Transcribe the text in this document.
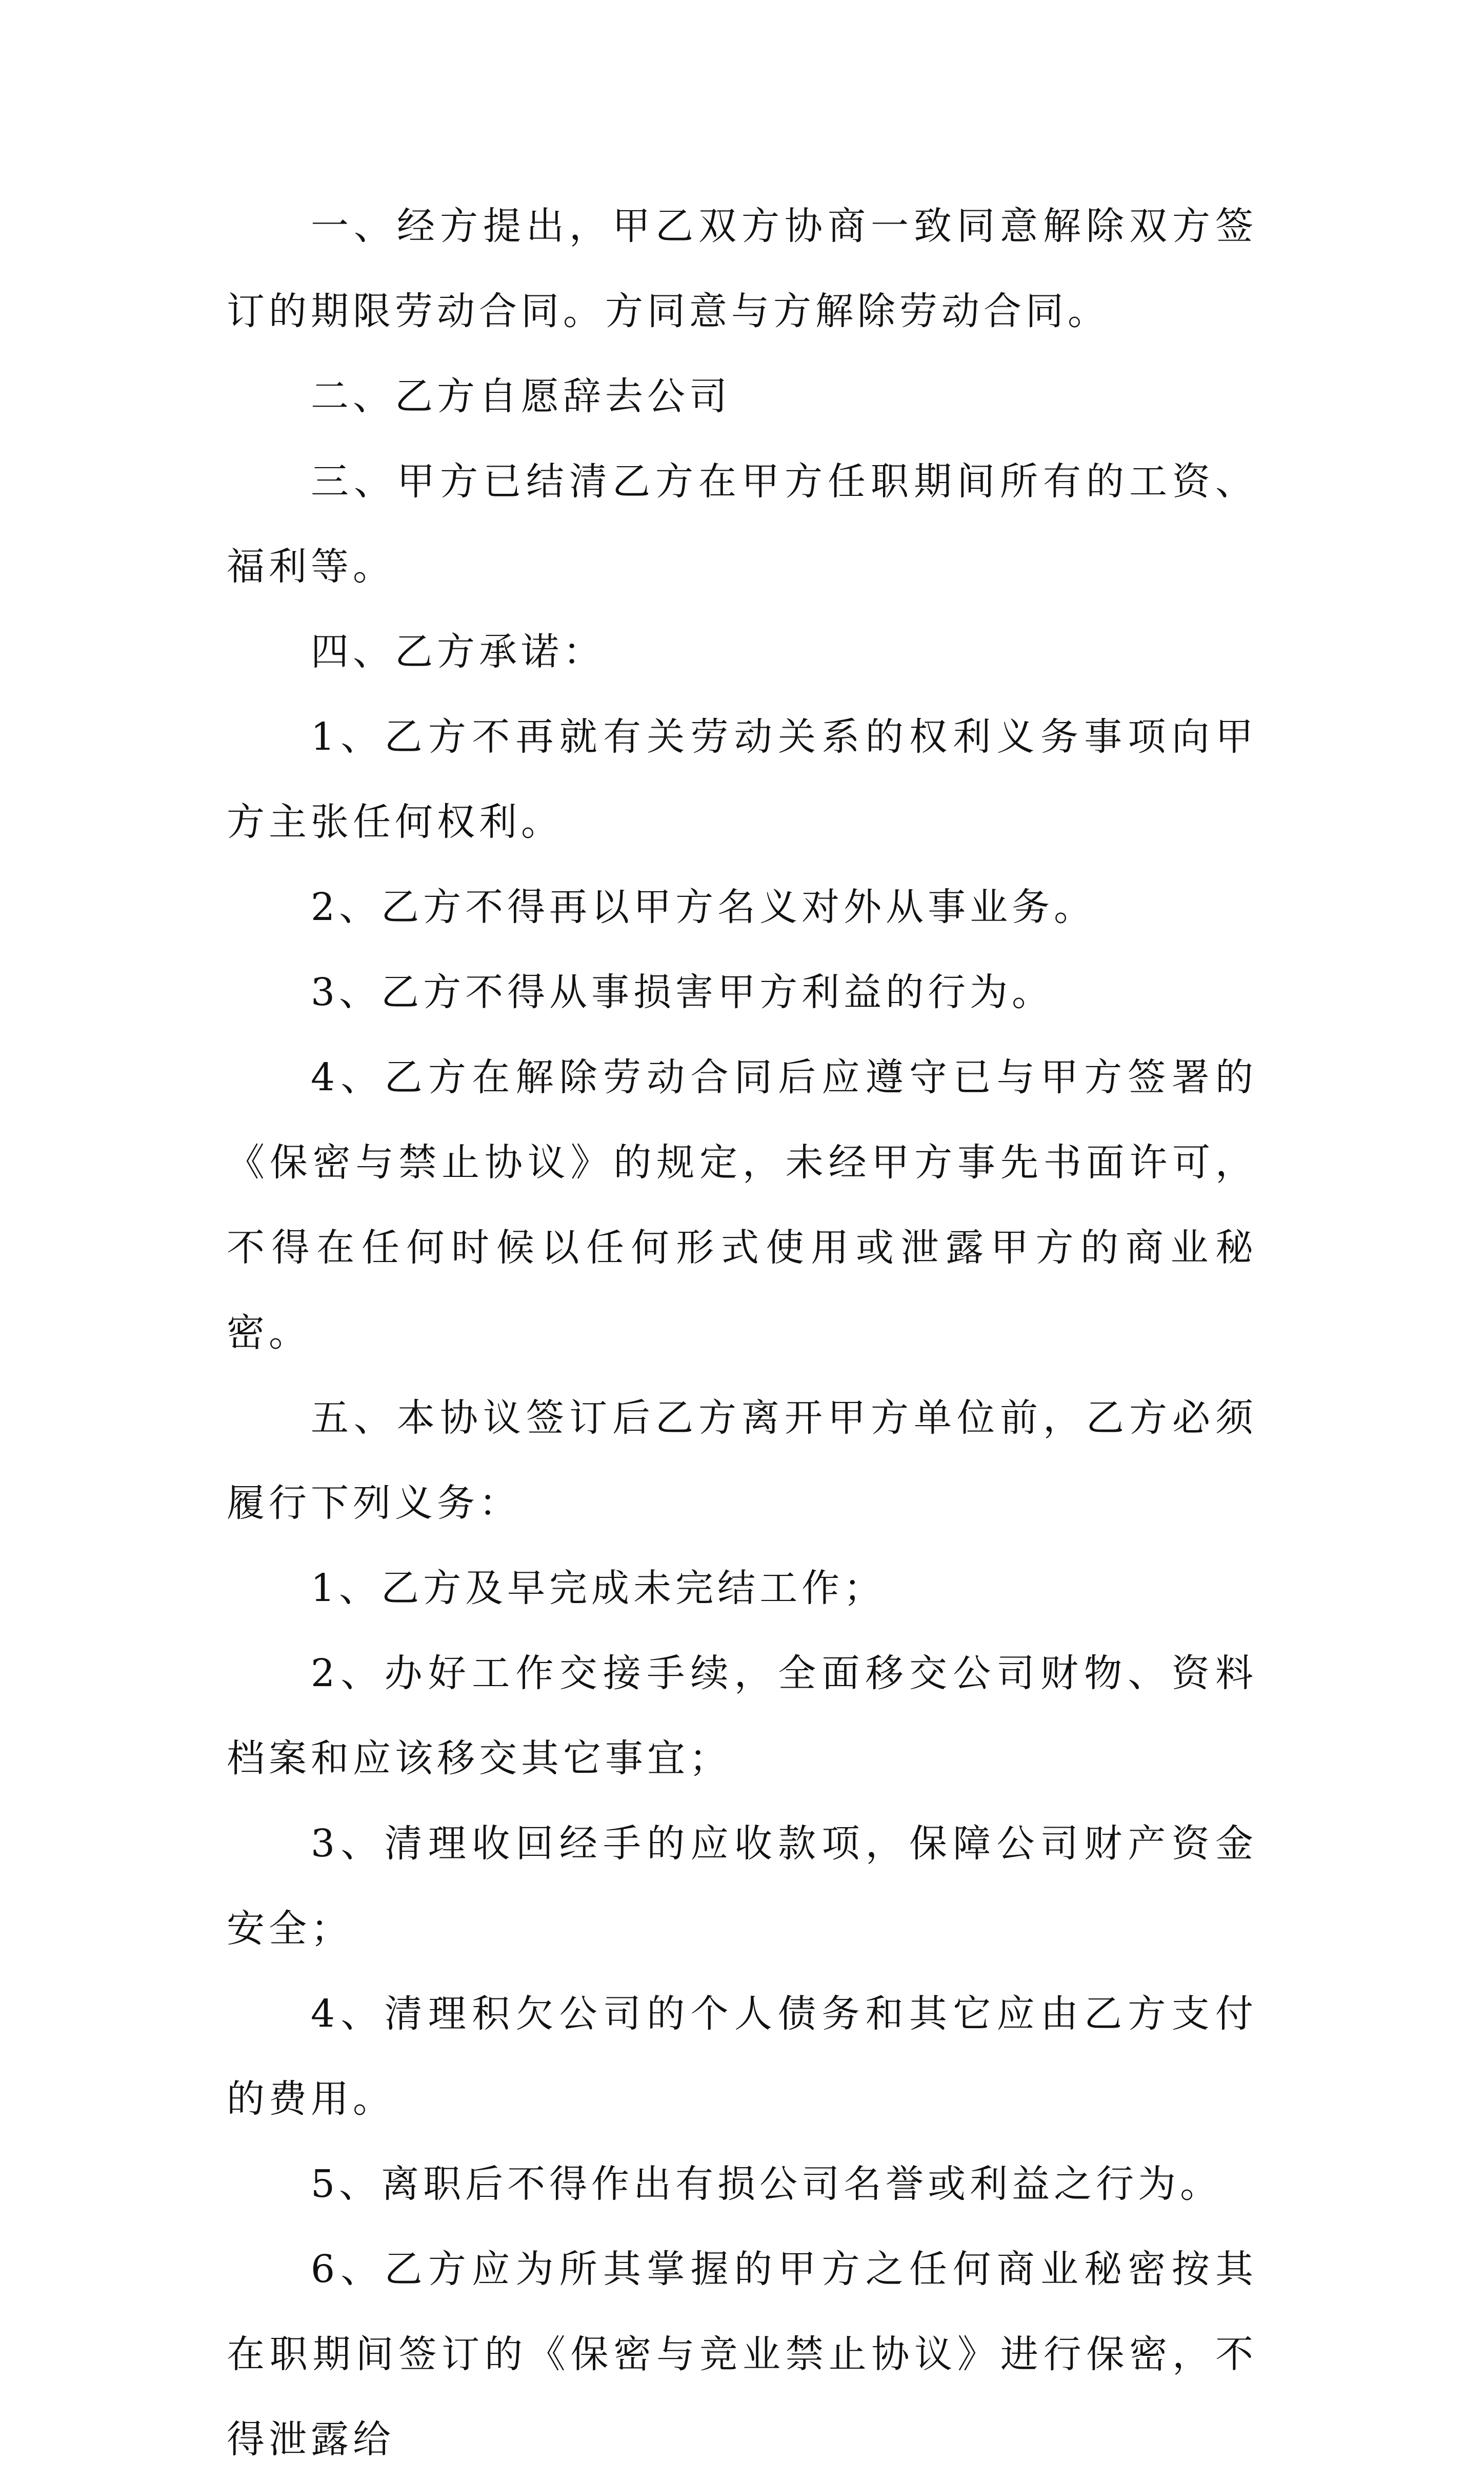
一、经方提出，甲乙双方协商一致同意解除双方签订的期限劳动合同。方同意与方解除劳动合同。

二、乙方自愿辞去公司

三、甲方已结清乙方在甲方任职期间所有的工资、福利等。

四、乙方承诺：

1、乙方不再就有关劳动关系的权利义务事项向甲方主张任何权利。

2、乙方不得再以甲方名义对外从事业务。

3、乙方不得从事损害甲方利益的行为。

4、乙方在解除劳动合同后应遵守已与甲方签署的《保密与禁止协议》的规定，未经甲方事先书面许可，不得在任何时候以任何形式使用或泄露甲方的商业秘密。

五、本协议签订后乙方离开甲方单位前，乙方必须履行下列义务：

1、乙方及早完成未完结工作；

2、办好工作交接手续，全面移交公司财物、资料档案和应该移交其它事宜；

3、清理收回经手的应收款项，保障公司财产资金安全；

4、清理积欠公司的个人债务和其它应由乙方支付的费用。

5、离职后不得作出有损公司名誉或利益之行为。

6、乙方应为所其掌握的甲方之任何商业秘密按其在职期间签订的《保密与竞业禁止协议》进行保密，不得泄露给
